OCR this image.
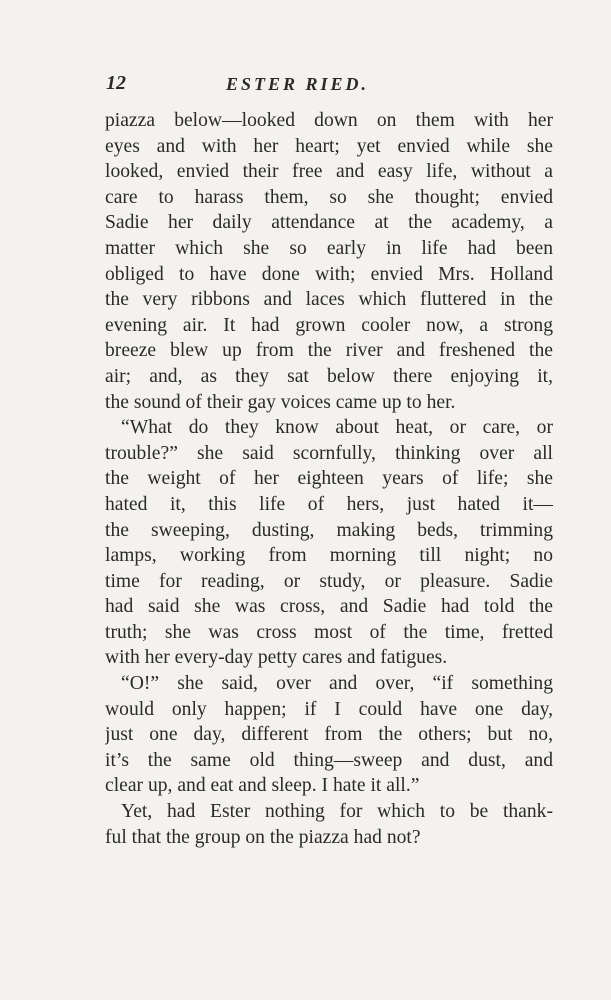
12	ESTER RIED.
piazza below—looked down on them with her
eyes and with her heart; yet envied while she
looked, envied their free and easy life, without a
care to harass them, so she thought; envied
Sadie her daily attendance at the academy, a
matter which she so early in life had been
obliged to have done with; envied Mrs. Holland
the very ribbons and laces which fluttered in the
evening air. It had grown cooler now, a strong
breeze blew up from the river and freshened the
air; and, as they sat below there enjoying it,
the sound of their gay voices came up to her.
“What do they know about heat, or care, or
trouble?” she said scornfully, thinking over all
the weight of her eighteen years of life; she
hated it, this life of hers, just hated it—
the sweeping, dusting, making beds, trimming
lamps, working from morning till night; no
time for reading, or study, or pleasure. Sadie
had said she was cross, and Sadie had told the
truth; she was cross most of the time, fretted
with her every-day petty cares and fatigues.
“O!” she said, over and over, “if something
would only happen; if I could have one day,
just one day, different from the others; but no,
it’s the same old thing—sweep and dust, and
clear up, and eat and sleep. I hate it all.”
Yet, had Ester nothing for which to be thank-
ful that the group on the piazza had not?
